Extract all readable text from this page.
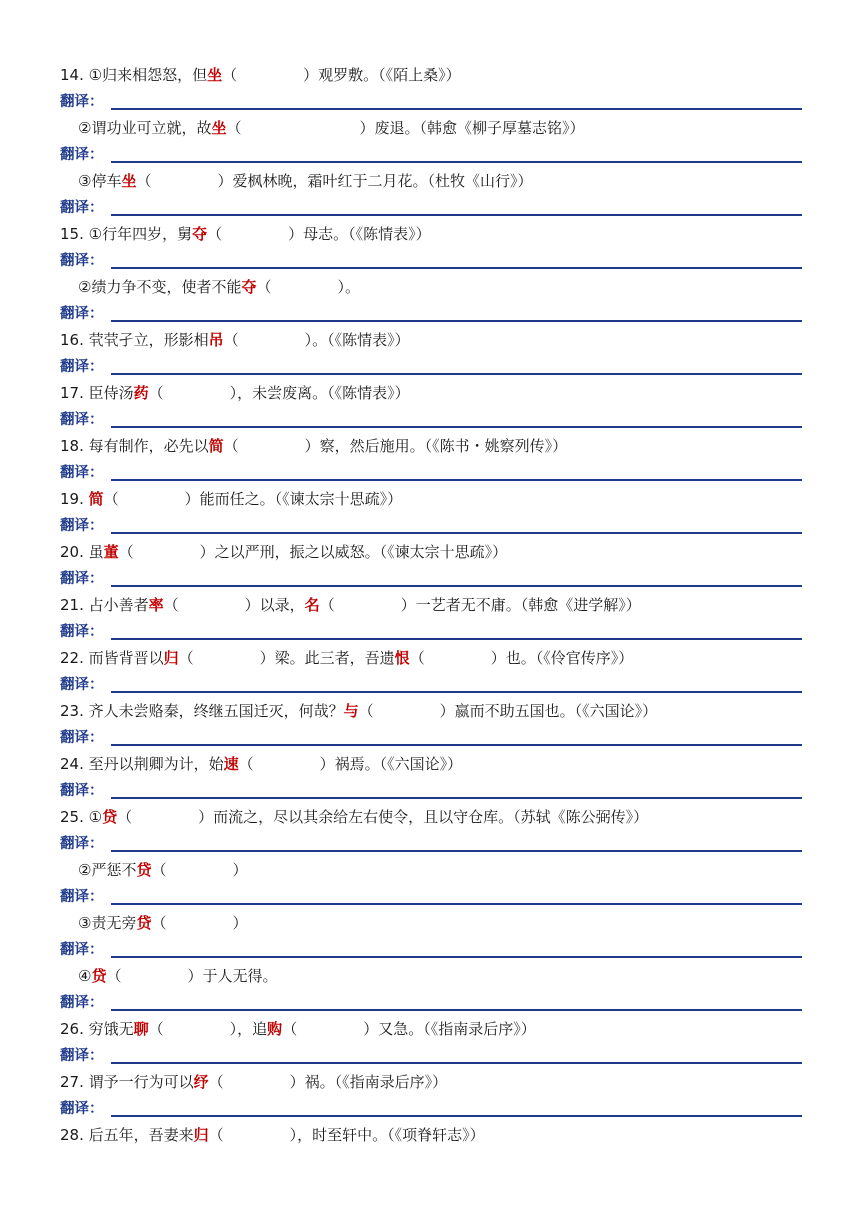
14. ①归来相怨怒，但坐（	）观罗敷。（《陌上桑》）
翻译：
②谓功业可立就，故坐（	）废退。（韩愈《柳子厚墓志铭》）
翻译：
③停车坐（	）爱枫林晚，霜叶红于二月花。（杜牧《山行》）
翻译：
15. ①行年四岁，舅夺（	）母志。（《陈情表》）
翻译：
②绩力争不变，使者不能夺（	）。
翻译：
16. 茕茕孑立，形影相吊（	）。（《陈情表》）
翻译：
17. 臣侍汤药（	），未尝废离。（《陈情表》）
翻译：
18. 每有制作，必先以简（	）察，然后施用。（《陈书・姚察列传》）
翻译：
19. 简（	）能而任之。（《谏太宗十思疏》）
翻译：
20. 虽董（	）之以严刑，振之以威怒。（《谏太宗十思疏》）
翻译：
21. 占小善者率（	）以录，名（	）一艺者无不庸。（韩愈《进学解》）
翻译：
22. 而皆背晋以归（	）梁。此三者，吾遗恨（	）也。（《伶官传序》）
翻译：
23. 齐人未尝赂秦，终继五国迁灭，何哉？与（	）嬴而不助五国也。（《六国论》）
翻译：
24. 至丹以荆卿为计，始速（	）祸焉。（《六国论》）
翻译：
25. ①贷（	）而流之，尽以其余给左右使令，且以守仓库。（苏轼《陈公弼传》）
翻译：
②严惩不贷（	）
翻译：
③责无旁贷（	）
翻译：
④贷（	）于人无得。
翻译：
26. 穷饿无聊（	），追购（	）又急。（《指南录后序》）
翻译：
27. 谓予一行为可以纾（	）祸。（《指南录后序》）
翻译：
28. 后五年，吾妻来归（	），时至轩中。（《项脊轩志》）
